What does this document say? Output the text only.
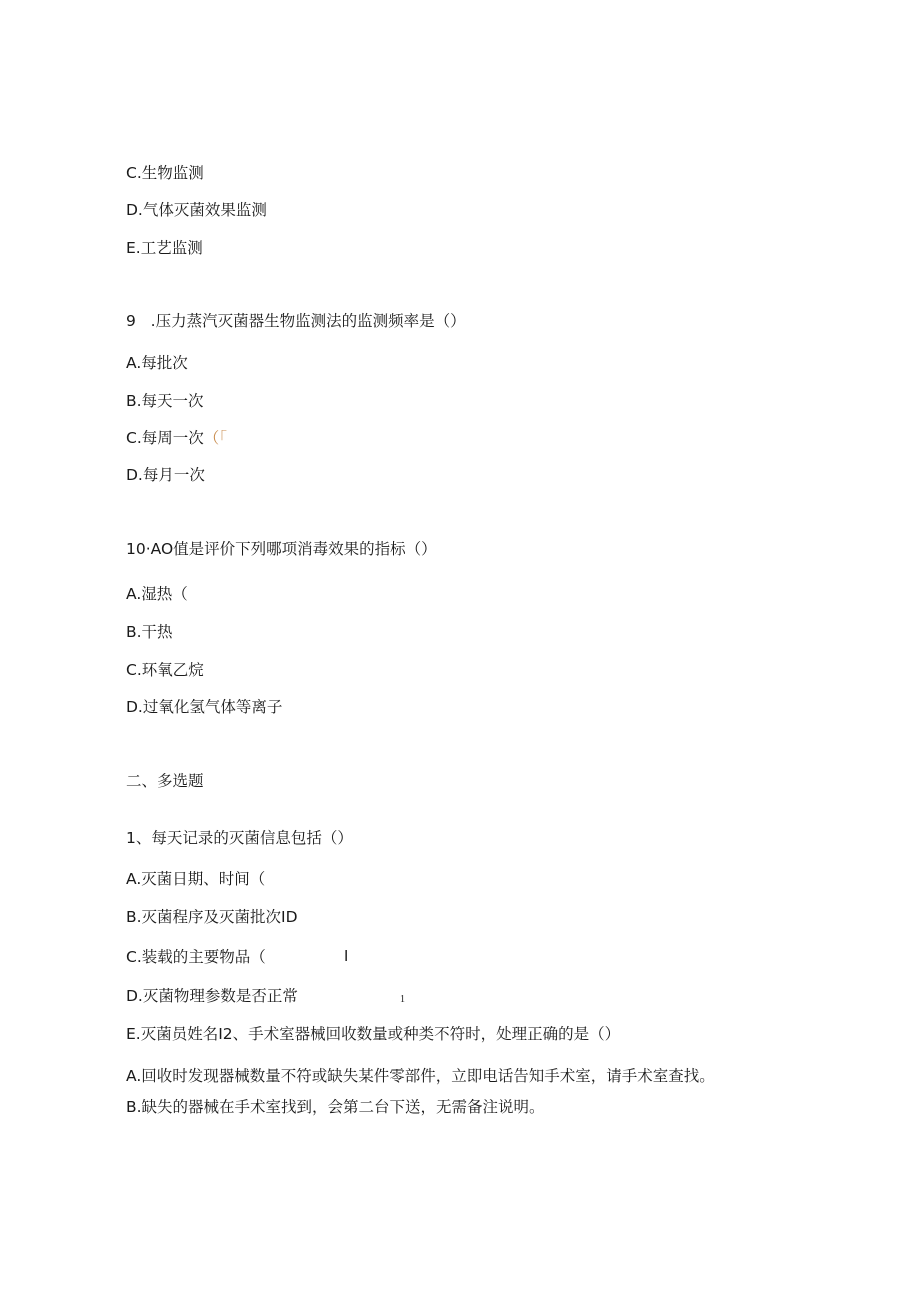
C.生物监测
D.气体灭菌效果监测
E.工艺监测
9   .压力蒸汽灭菌器生物监测法的监测频率是（）
A.每批次
B.每天一次
C.每周一次（「
D.每月一次
10·AO值是评价下列哪项消毒效果的指标（）
A.湿热（
B.干热
C.环氧乙烷
D.过氧化氢气体等离子
二、多选题
1、每天记录的灭菌信息包括（）
A.灭菌日期、时间（
B.灭菌程序及灭菌批次ID
C.装载的主要物品（	I
D.灭菌物理参数是否正常	1
E.灭菌员姓名I2、手术室器械回收数量或种类不符时，处理正确的是（）
A.回收时发现器械数量不符或缺失某件零部件，立即电话告知手术室，请手术室查找。
B.缺失的器械在手术室找到，会第二台下送，无需备注说明。
